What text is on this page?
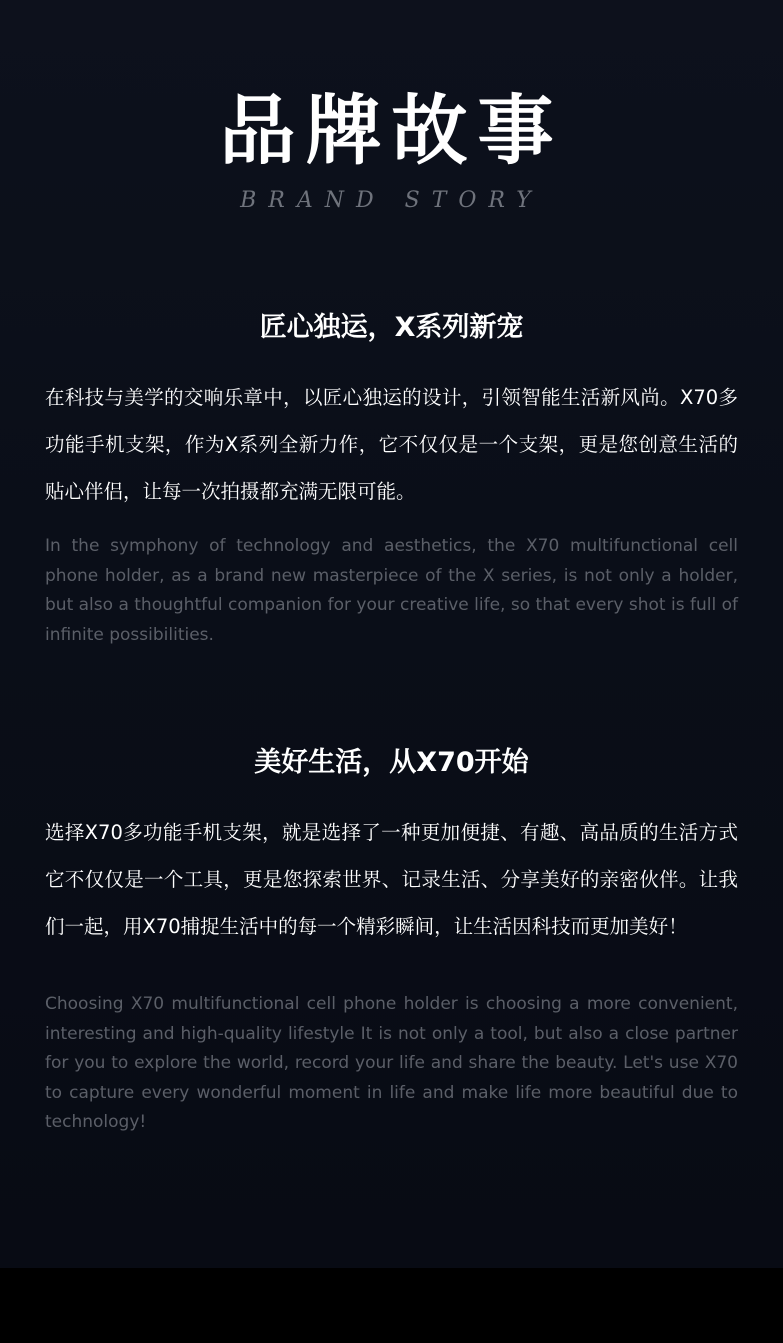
品牌故事
BRAND STORY
匠心独运，X系列新宠
在科技与美学的交响乐章中，以匠心独运的设计，引领智能生活新风尚。X70多功能手机支架，作为X系列全新力作，它不仅仅是一个支架，更是您创意生活的贴心伴侣，让每一次拍摄都充满无限可能。
In the symphony of technology and aesthetics, the X70 multifunctional cell phone holder, as a brand new masterpiece of the X series, is not only a holder, but also a thoughtful companion for your creative life, so that every shot is full of infinite possibilities.
美好生活，从X70开始
选择X70多功能手机支架，就是选择了一种更加便捷、有趣、高品质的生活方式它不仅仅是一个工具，更是您探索世界、记录生活、分享美好的亲密伙伴。让我们一起，用X70捕捉生活中的每一个精彩瞬间，让生活因科技而更加美好！
Choosing X70 multifunctional cell phone holder is choosing a more convenient, interesting and high-quality lifestyle It is not only a tool, but also a close partner for you to explore the world, record your life and share the beauty. Let's use X70 to capture every wonderful moment in life and make life more beautiful due to technology!
